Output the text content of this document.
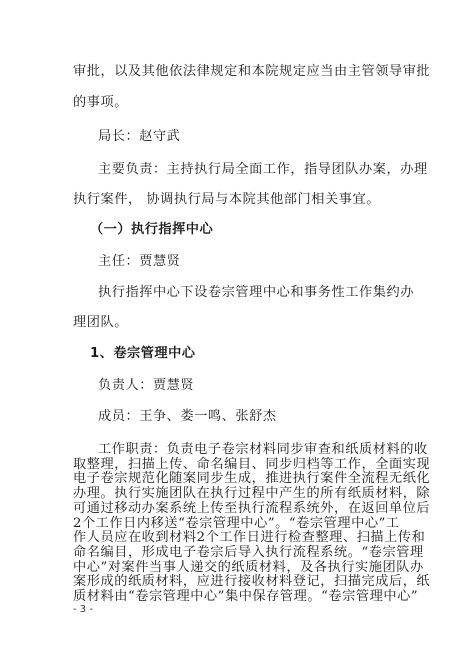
审批，以及其他依法律规定和本院规定应当由主管领导审批
的事项。
局长：赵守武
主要负责：主持执行局全面工作，指导团队办案，办理
执行案件， 协调执行局与本院其他部门相关事宜。
（一）执行指挥中心
主任：贾慧贤
执行指挥中心下设卷宗管理中心和事务性工作集约办
理团队。
1、卷宗管理中心
负责人：贾慧贤
成员：王争、娄一鸣、张舒杰
工作职责：负责电子卷宗材料同步审查和纸质材料的收
取整理，扫描上传、命名编目、同步归档等工作，全面实现
电子卷宗规范化随案同步生成，推进执行案件全流程无纸化
办理。执行实施团队在执行过程中产生的所有纸质材料，除
可通过移动办案系统上传至执行流程系统外，在返回单位后
2个工作日内移送“卷宗管理中心”。“卷宗管理中心”工
作人员应在收到材料2个工作日进行检查整理、扫描上传和
命名编目，形成电子卷宗后导入执行流程系统。“卷宗管理
中心”对案件当事人递交的纸质材料，及各执行实施团队办
案形成的纸质材料，应进行接收材料登记，扫描完成后，纸
质材料由“卷宗管理中心”集中保存管理。“卷宗管理中心”
- 3 -
